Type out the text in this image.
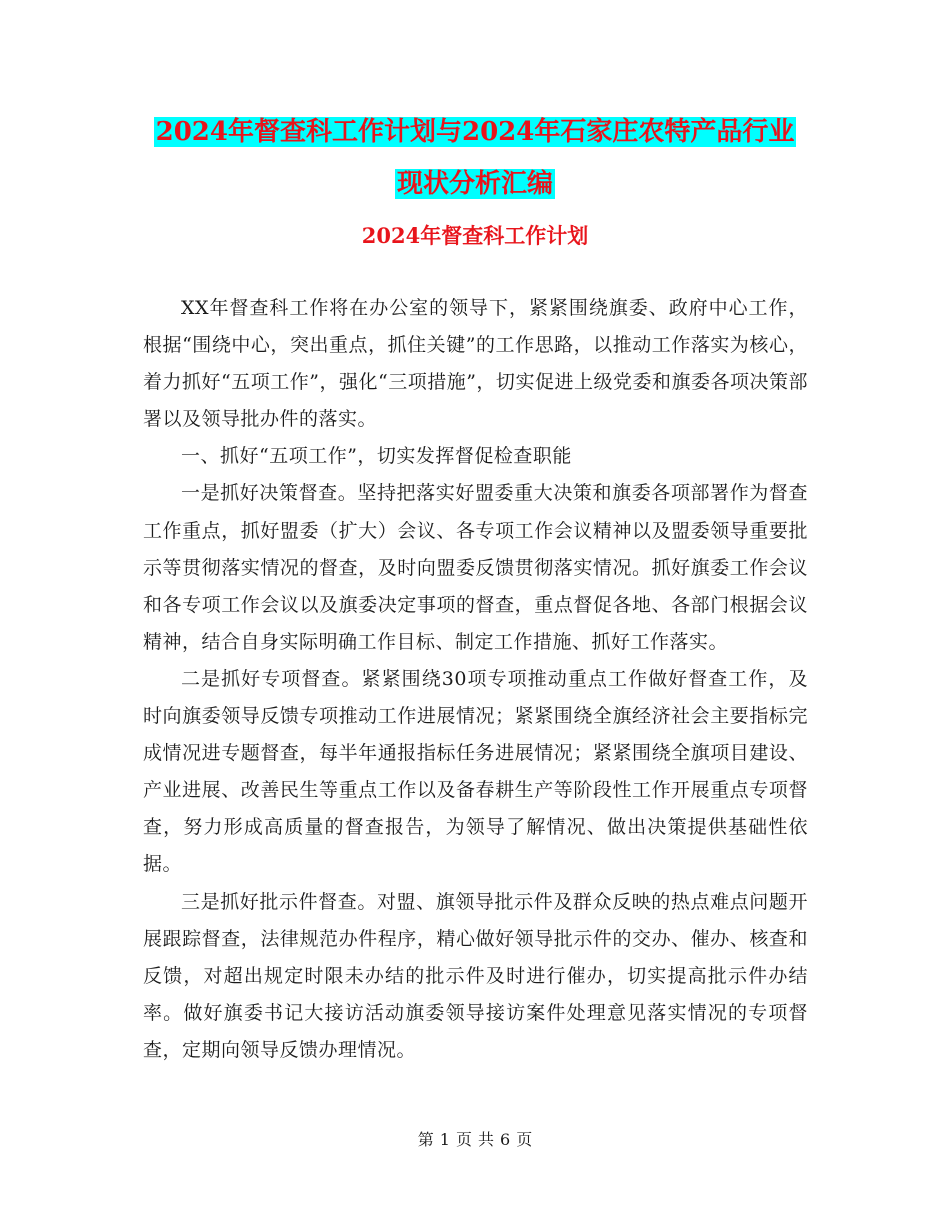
2024年督查科工作计划与2024年石家庄农特产品行业
现状分析汇编
2024年督查科工作计划

XX年督查科工作将在办公室的领导下，紧紧围绕旗委、政府中心工作，根据“围绕中心，突出重点，抓住关键”的工作思路，以推动工作落实为核心，着力抓好“五项工作”，强化“三项措施”，切实促进上级党委和旗委各项决策部署以及领导批办件的落实。

一、抓好“五项工作”，切实发挥督促检查职能

一是抓好决策督查。坚持把落实好盟委重大决策和旗委各项部署作为督查工作重点，抓好盟委（扩大）会议、各专项工作会议精神以及盟委领导重要批示等贯彻落实情况的督查，及时向盟委反馈贯彻落实情况。抓好旗委工作会议和各专项工作会议以及旗委决定事项的督查，重点督促各地、各部门根据会议精神，结合自身实际明确工作目标、制定工作措施、抓好工作落实。

二是抓好专项督查。紧紧围绕30项专项推动重点工作做好督查工作，及时向旗委领导反馈专项推动工作进展情况；紧紧围绕全旗经济社会主要指标完成情况进专题督查，每半年通报指标任务进展情况；紧紧围绕全旗项目建设、产业进展、改善民生等重点工作以及备春耕生产等阶段性工作开展重点专项督查，努力形成高质量的督查报告，为领导了解情况、做出决策提供基础性依据。

三是抓好批示件督查。对盟、旗领导批示件及群众反映的热点难点问题开展跟踪督查，法律规范办件程序，精心做好领导批示件的交办、催办、核查和反馈，对超出规定时限未办结的批示件及时进行催办，切实提高批示件办结率。做好旗委书记大接访活动旗委领导接访案件处理意见落实情况的专项督查，定期向领导反馈办理情况。

第 1 页 共 6 页
